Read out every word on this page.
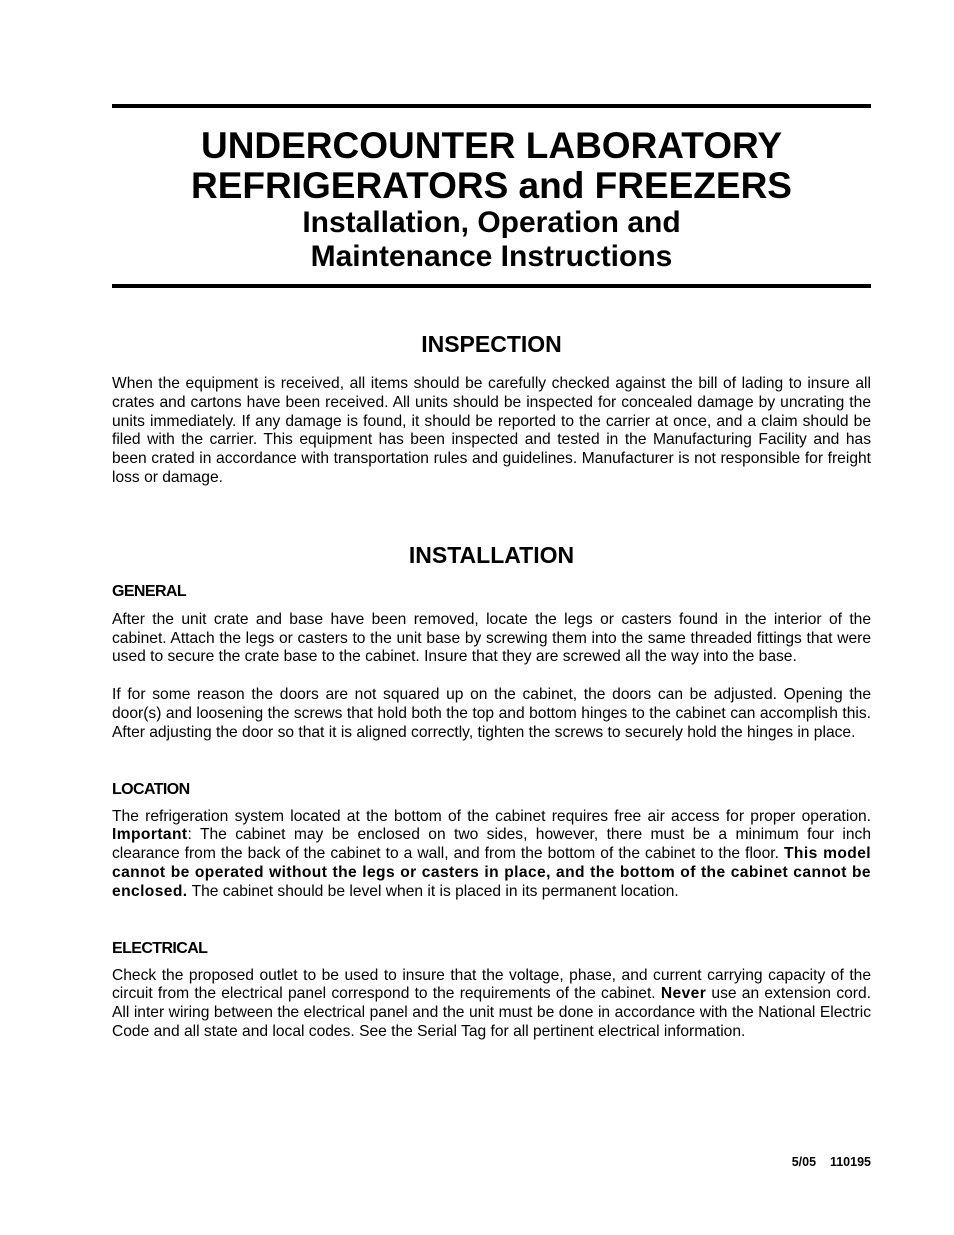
UNDERCOUNTER LABORATORY

REFRIGERATORS and FREEZERS

Installation, Operation and

Maintenance Instructions

INSPECTION

When the equipment is received, all items should be carefully checked against the bill of lading to insure all crates and cartons have been received. All units should be inspected for concealed damage by uncrating the units immediately. If any damage is found, it should be reported to the carrier at once, and a claim should be filed with the carrier. This equipment has been inspected and tested in the Manufacturing Facility and has been crated in accordance with transportation rules and guidelines. Manufacturer is not responsible for freight loss or damage.

INSTALLATION

GENERAL

After the unit crate and base have been removed, locate the legs or casters found in the interior of the cabinet. Attach the legs or casters to the unit base by screwing them into the same threaded fittings that were used to secure the crate base to the cabinet. Insure that they are screwed all the way into the base.

If for some reason the doors are not squared up on the cabinet, the doors can be adjusted. Opening the door(s) and loosening the screws that hold both the top and bottom hinges to the cabinet can accomplish this. After adjusting the door so that it is aligned correctly, tighten the screws to securely hold the hinges in place.

LOCATION

The refrigeration system located at the bottom of the cabinet requires free air access for proper operation. Important: The cabinet may be enclosed on two sides, however, there must be a minimum four inch clearance from the back of the cabinet to a wall, and from the bottom of the cabinet to the floor. This model cannot be operated without the legs or casters in place, and the bottom of the cabinet cannot be enclosed. The cabinet should be level when it is placed in its permanent location.

ELECTRICAL

Check the proposed outlet to be used to insure that the voltage, phase, and current carrying capacity of the circuit from the electrical panel correspond to the requirements of the cabinet. Never use an extension cord. All inter wiring between the electrical panel and the unit must be done in accordance with the National Electric Code and all state and local codes. See the Serial Tag for all pertinent electrical information.

5/05 110195
